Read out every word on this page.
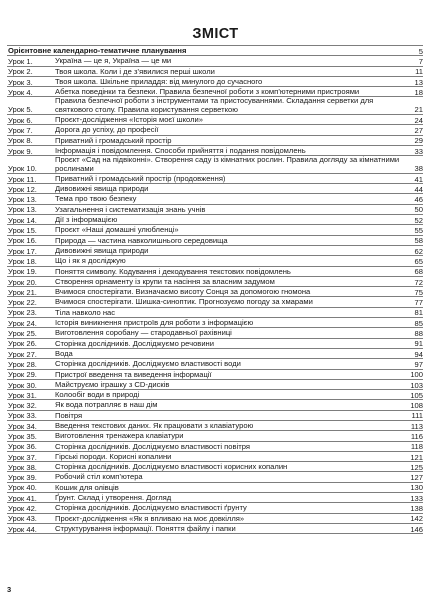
ЗМІСТ
Орієнтовне календарно-тематичне планування		5
Урок 1.	Україна — це я, Україна — це ми	7
Урок 2.	Твоя школа. Коли і де з’явилися перші школи	11
Урок 3.	Твоя школа. Шкільне приладдя: від минулого до сучасного	13
Урок 4.	Абетка поведінки та безпеки. Правила безпечної роботи з комп’ютерними пристроями	18
Урок 5.	Правила безпечної роботи з інструментами та пристосуваннями. Складання серветки для святкового столу. Правила користування серветкою	21
Урок 6.	Проєкт-дослідження «Історія моєї школи»	24
Урок 7.	Дорога до успіху, до професії	27
Урок 8.	Приватний і громадський простір	29
Урок 9.	Інформація і повідомлення. Способи прийняття і подання повідомлень	33
Урок 10.	Проєкт «Сад на підвіконні». Створення саду із кімнатних рослин. Правила догляду за кімнатними рослинами	38
Урок 11.	Приватний і громадський простір (продовження)	41
Урок 12.	Дивовижні явища природи	44
Урок 13.	Тема про твою безпеку	46
Урок 13.	Узагальнення і систематизація знань учнів	50
Урок 14.	Дії з інформацією	52
Урок 15.	Проєкт «Наші домашні улюбленці»	55
Урок 16.	Природа — частина навколишнього середовища	58
Урок 17.	Дивовижні явища природи	62
Урок 18.	Що і як я досліджую	65
Урок 19.	Поняття символу. Кодування і декодування текстових повідомлень	68
Урок 20.	Створення орнаменту із крупи та насіння за власним задумом	72
Урок 21.	Вчимося спостерігати. Визначаємо висоту Сонця за допомогою гномона	75
Урок 22.	Вчимося спостерігати. Шишка-синоптик. Прогнозуємо погоду за хмарами	77
Урок 23.	Тіла навколо нас	81
Урок 24.	Історія виникнення пристроїв для роботи з інформацією	85
Урок 25.	Виготовлення соробану — стародавньої рахівниці	88
Урок 26.	Сторінка дослідників. Досліджуємо речовини	91
Урок 27.	Вода	94
Урок 28.	Сторінка дослідників. Досліджуємо властивості води	97
Урок 29.	Пристрої введення та виведення інформації	100
Урок 30.	Майструємо іграшку з CD-дисків	103
Урок 31.	Колообіг води в природі	105
Урок 32.	Як вода потрапляє в наш дім	108
Урок 33.	Повітря	111
Урок 34.	Введення текстових даних. Як працювати з клавіатурою	113
Урок 35.	Виготовлення тренажера клавіатури	116
Урок 36.	Сторінка дослідників. Досліджуємо властивості повітря	118
Урок 37.	Гірські породи. Корисні копалини	121
Урок 38.	Сторінка дослідників. Досліджуємо властивості корисних копалин	125
Урок 39.	Робочий стіл комп’ютера	127
Урок 40.	Кошик для олівців	130
Урок 41.	Ґрунт. Склад і утворення. Догляд	133
Урок 42.	Сторінка дослідників. Досліджуємо властивості ґрунту	138
Урок 43.	Проєкт-дослідження «Як я впливаю на моє довкілля»	142
Урок 44.	Структурування інформації. Поняття файлу і папки	146
3
